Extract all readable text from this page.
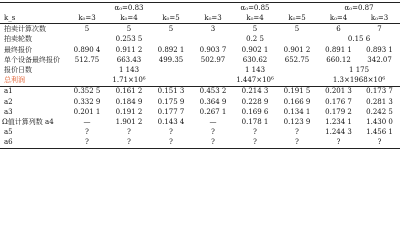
	α₀=0.83			α₀=0.85			α₀=0.87	
k_s	k₀=3	k₀=4	k₀=5	k₀=3	k₀=4	k₀=5	k₀=4	k₀=3
拍卖计算次数	5	5	5	3	5	5	6	7
拍卖轮数	0.253 5			0.2 5			0.15 6	
最终报价	0.890 4	0.911 2	0.892 1	0.903 7	0.902 1	0.901 2	0.891 1	0.893 1
单个设备最终报价	512.75	663.43	499.35	502.97	630.62	652.75	660.12	342.07
报价日数	1 143			1 143			1 175	
总利润	1.71×10⁶			1.447×10⁶			1.3×1968×10⁶	
a1	0.352 5	0.161 2	0.151 3	0.453 2	0.214 3	0.191 5	0.201 3	0.173 7
a2	0.332 9	0.184 9	0.175 9	0.364 9	0.228 9	0.166 9	0.176 7	0.281 3
a3	0.201 1	0.191 2	0.177 7	0.267 1	0.169 6	0.134 1	0.179 2	0.242 5
Ω值计算列数 a4	—	1.901 2	0.143 4	—	0.178 1	0.123 9	1.234 1	1.430 0
a5	?	?	?	?	?	?	1.244 3	1.456 1
a6	?	?	?	?	?	?	?	?
